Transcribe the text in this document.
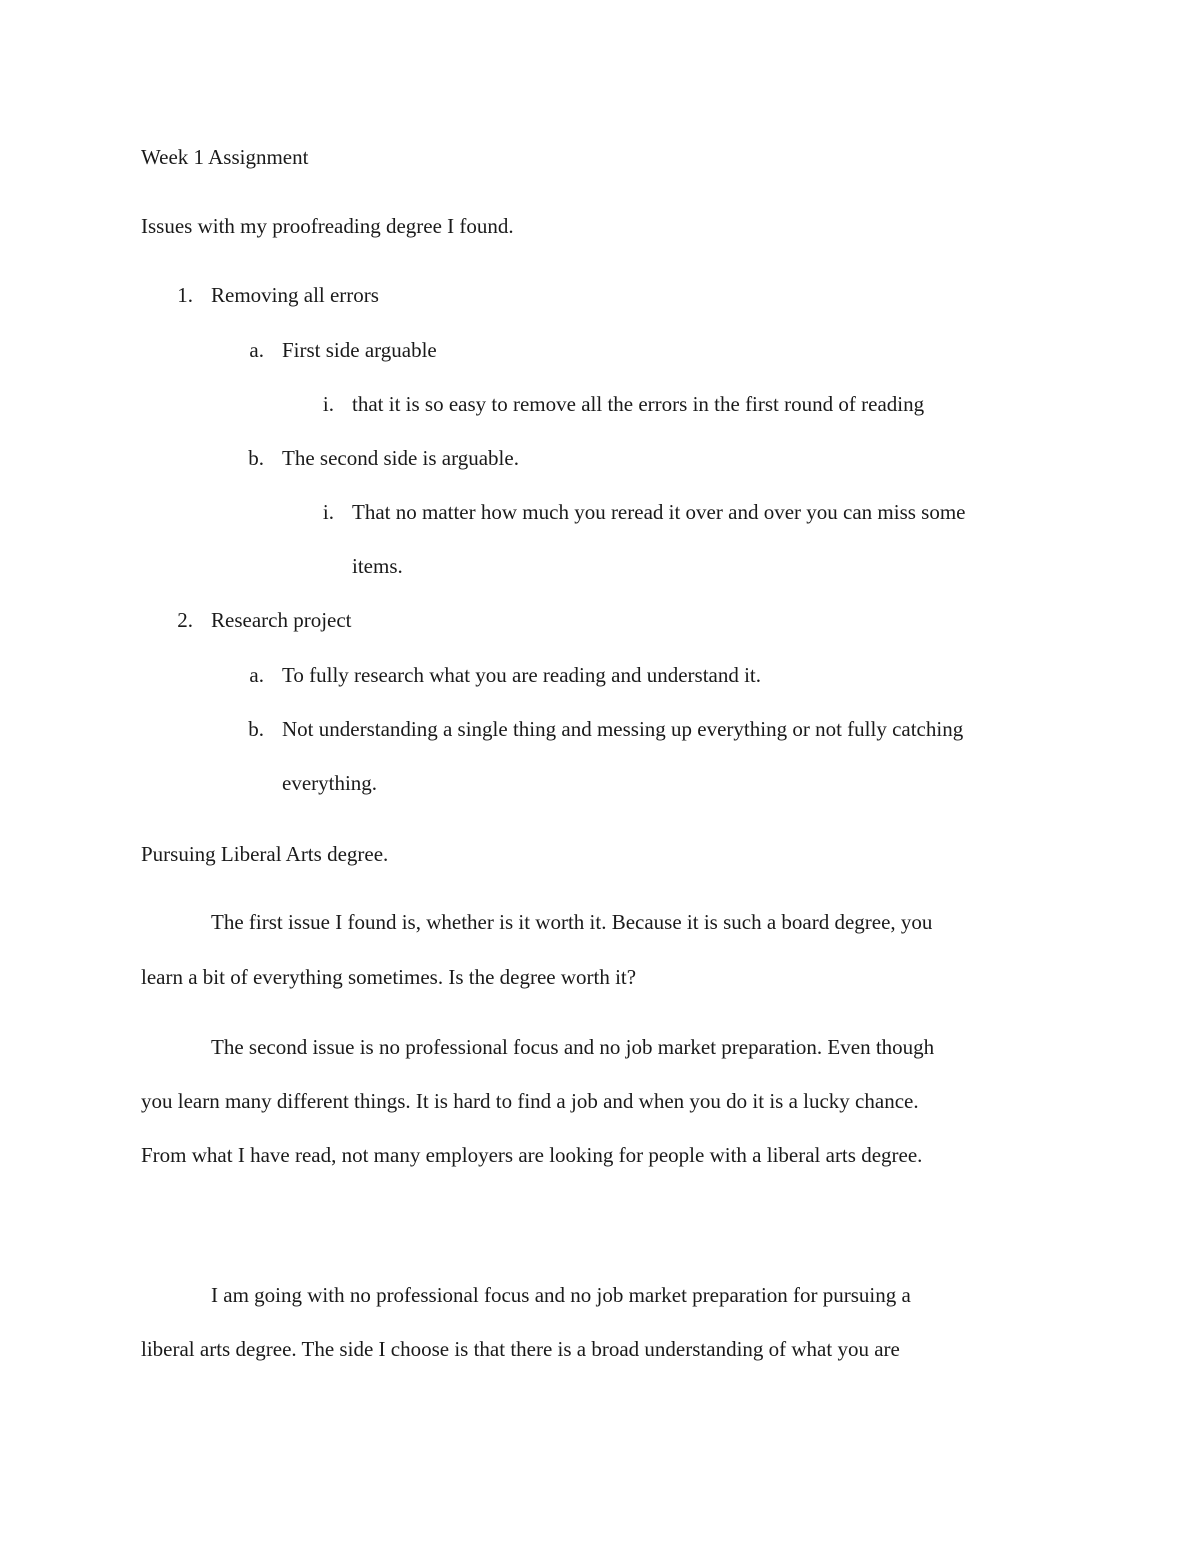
Week 1 Assignment
Issues with my proofreading degree I found.
1. Removing all errors
a. First side arguable
i. that it is so easy to remove all the errors in the first round of reading
b. The second side is arguable.
i. That no matter how much you reread it over and over you can miss some
items.
2. Research project
a. To fully research what you are reading and understand it.
b. Not understanding a single thing and messing up everything or not fully catching
everything.
Pursuing Liberal Arts degree.
The first issue I found is, whether is it worth it. Because it is such a board degree, you
learn a bit of everything sometimes. Is the degree worth it?
The second issue is no professional focus and no job market preparation. Even though
you learn many different things. It is hard to find a job and when you do it is a lucky chance.
From what I have read, not many employers are looking for people with a liberal arts degree.
I am going with no professional focus and no job market preparation for pursuing a
liberal arts degree. The side I choose is that there is a broad understanding of what you are
